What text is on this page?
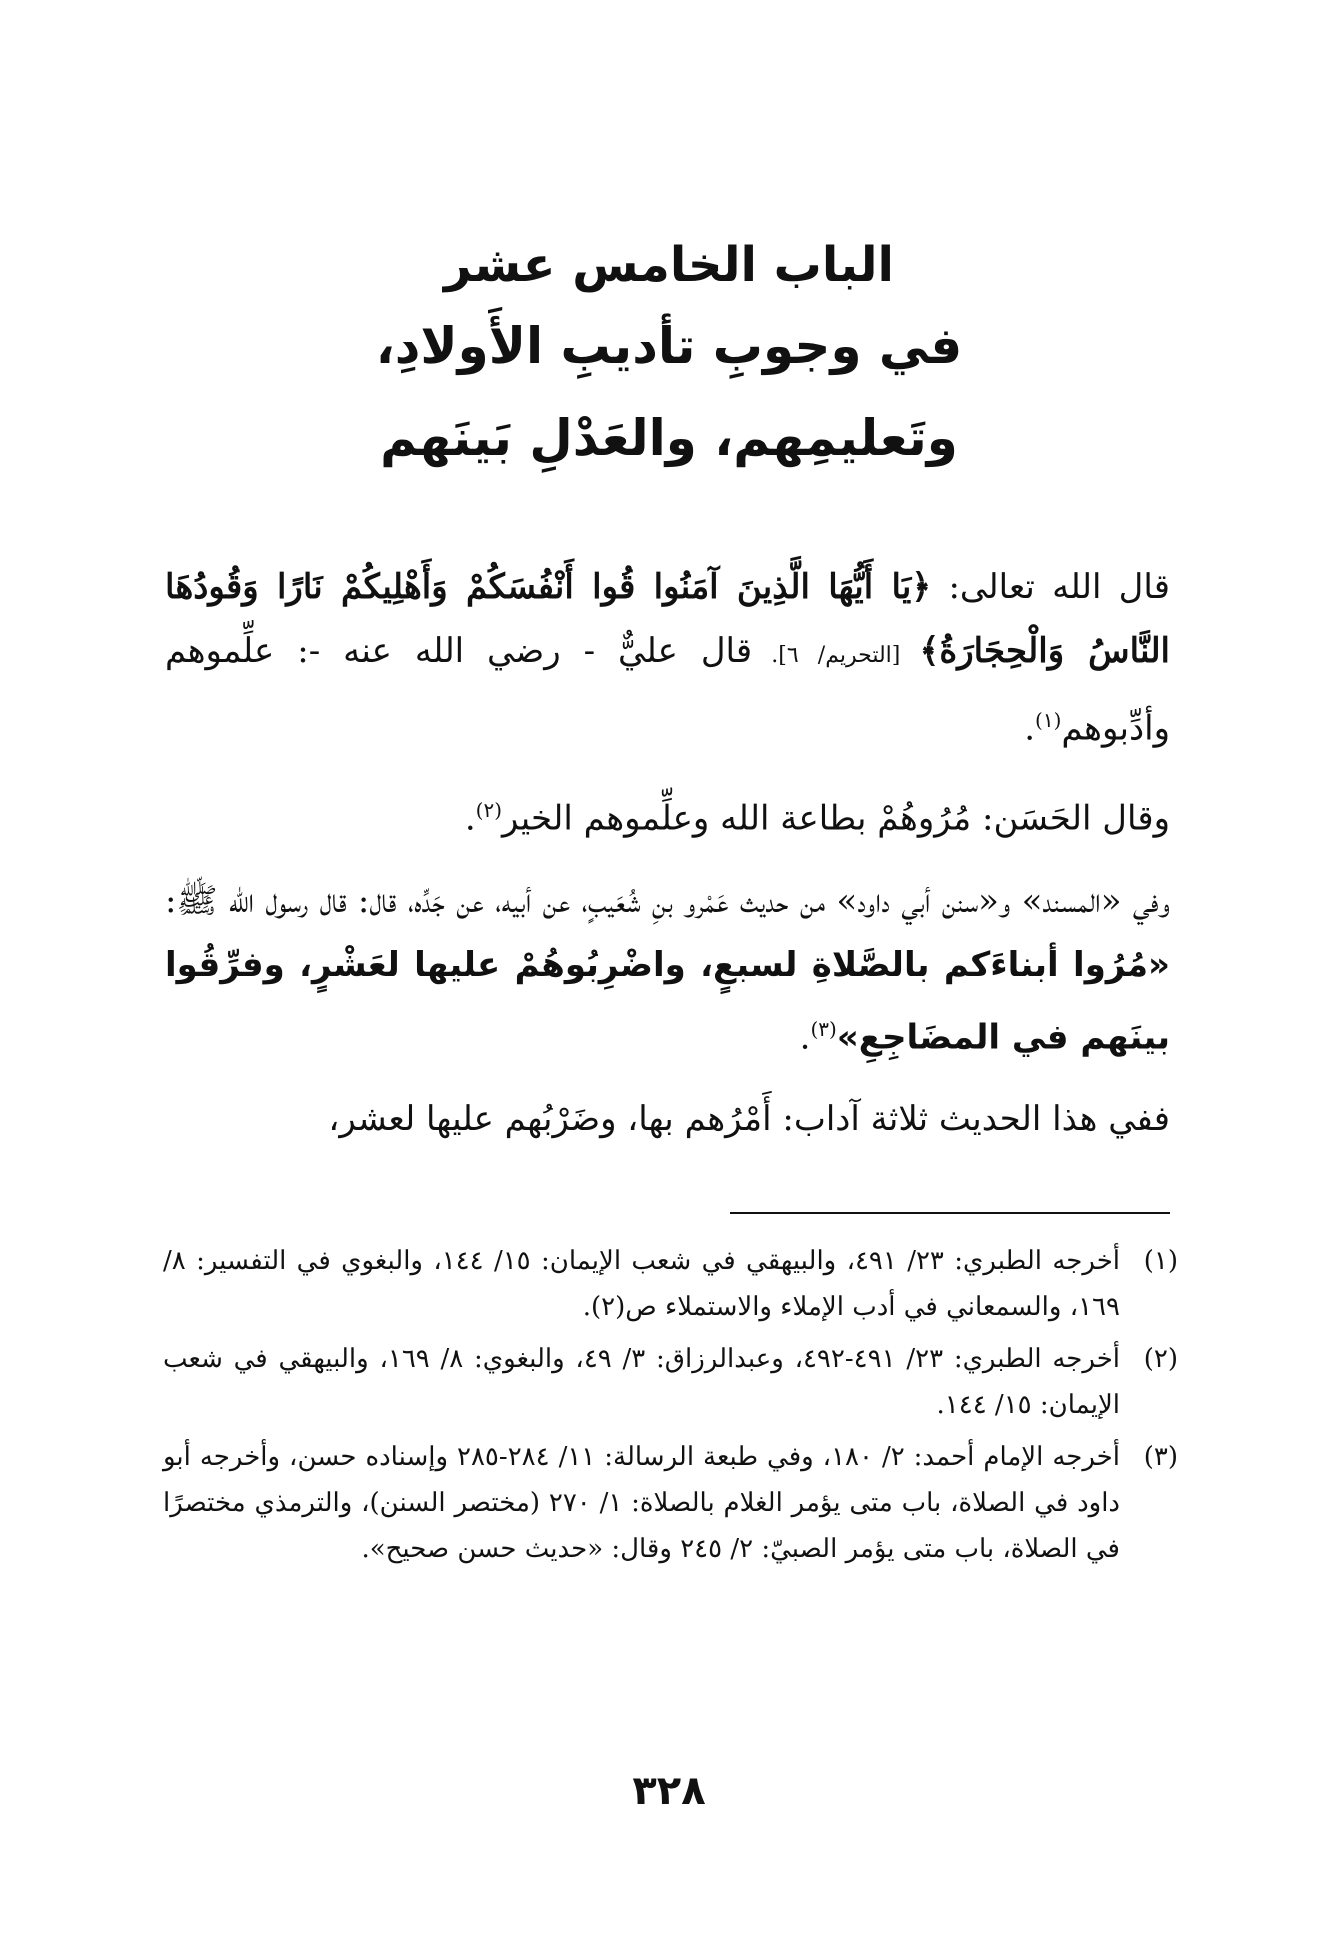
الباب الخامس عشر

في وجوبِ تأديبِ الأَولادِ،

وتَعليمِهم، والعَدْلِ بَينَهم

قال الله تعالى: ﴿يَا أَيُّهَا الَّذِينَ آمَنُوا قُوا أَنْفُسَكُمْ وَأَهْلِيكُمْ نَارًا وَقُودُهَا النَّاسُ وَالْحِجَارَةُ﴾ [التحريم/ ٦]. قال عليٌّ - رضي الله عنه -: علِّموهم وأدِّبوهم$^{(١)}$.

وقال الحَسَن: مُرُوهُمْ بطاعة الله وعلِّموهم الخير$^{(٢)}$.

وفي «المسند» و«سنن أبي داود» من حديث عَمْرو بنِ شُعَيبٍ، عن أبيه، عن جَدِّه، قال: قال رسول الله ﷺ: «مُرُوا أبناءَكم بالصَّلاةِ لسبعٍ، واضْرِبُوهُمْ عليها لعَشْرٍ، وفرِّقُوا بينَهم في المضَاجِعِ»$^{(٣)}$.

ففي هذا الحديث ثلاثة آداب: أَمْرُهم بها، وضَرْبُهم عليها لعشر،

(١)
أخرجه الطبري: ٢٣/ ٤٩١، والبيهقي في شعب الإيمان: ١٥/ ١٤٤، والبغوي في التفسير: ٨/ ١٦٩، والسمعاني في أدب الإملاء والاستملاء ص(٢).
(٢)
أخرجه الطبري: ٢٣/ ٤٩١-٤٩٢، وعبدالرزاق: ٣/ ٤٩، والبغوي: ٨/ ١٦٩، والبيهقي في شعب الإيمان: ١٥/ ١٤٤.
(٣)
أخرجه الإمام أحمد: ٢/ ١٨٠، وفي طبعة الرسالة: ١١/ ٢٨٤-٢٨٥ وإسناده حسن، وأخرجه أبو داود في الصلاة، باب متى يؤمر الغلام بالصلاة: ١/ ٢٧٠ (مختصر السنن)، والترمذي مختصرًا في الصلاة، باب متى يؤمر الصبيّ: ٢/ ٢٤٥ وقال: «حديث حسن صحيح».
٣٢٨
